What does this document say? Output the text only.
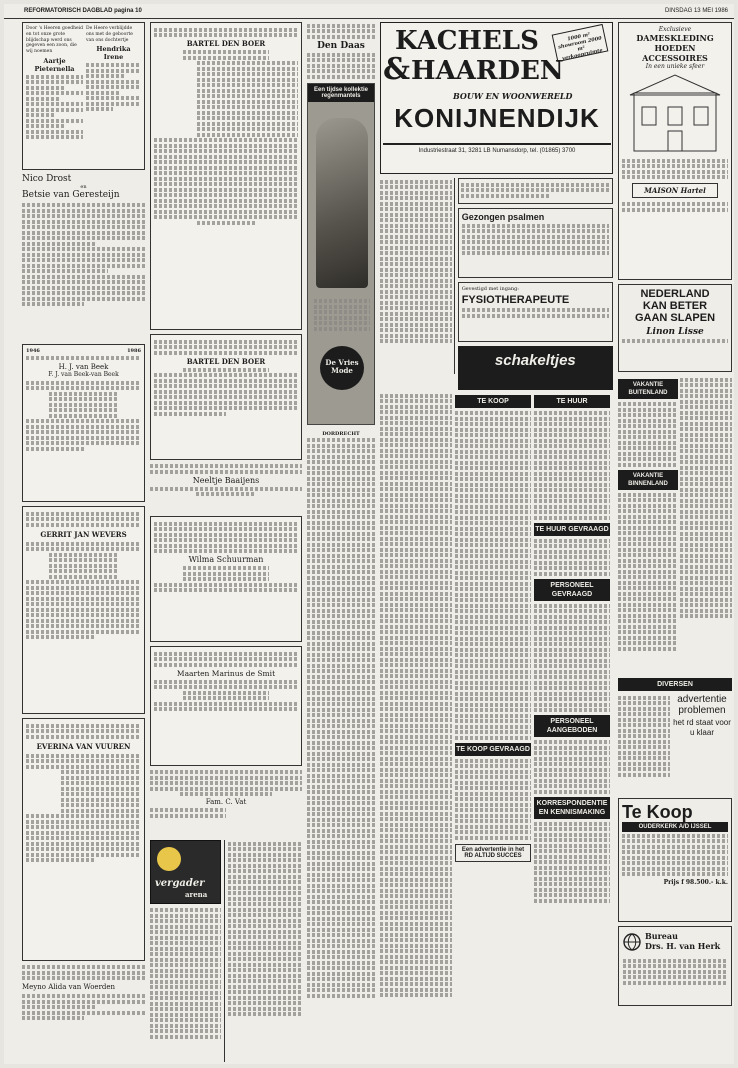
REFORMATORISCH DAGBLAD pagina 10	DINSDAG 13 MEI 1986
Door 's Heeren goedheid en tot onze grote blijdschap werd ons gegeven een zoon, die wij noemen
Aartje Pieternella
De Heere verblijdde ons met de geboorte van ons dochtertje
Hendrika Irene
Nico Drost
en
Betsie van Geresteijn
1946	1986
H. J. van Beek
F. J. van Beek-van Beek
GERRIT JAN WEVERS
EVERINA VAN VUUREN
Meyno Alida van Woerden
BARTEL DEN BOER
BARTEL DEN BOER
Neeltje Baaijens
Wilma Schuurman
Maarten Marinus de Smit
Fam. C. Vat
vergader
arena
Den Daas
Een tijdse kollektie regenmantels
De Vries Mode
DORDRECHT
KACHELS
& HAARDEN
1000 m² showroom 2000 m² verkoopruimte
BOUW EN WOONWERELD
KONIJNENDIJK
Industriestraat 31, 3281 LB Numansdorp, tel. (01865) 3700
Gezongen psalmen
Gevestigd met ingang:
FYSIOTHERAPEUTE
schakeltjes
TE KOOP
TE KOOP GEVRAAGD
Een advertentie in het RD ALTIJD SUCCES
TE HUUR
TE HUUR GEVRAAGD
PERSONEEL GEVRAAGD
PERSONEEL AANGEBODEN
KORRESPONDENTIE EN KENNISMAKING
Exclusieve
DAMESKLEDING
HOEDEN
ACCESSOIRES
In een unieke sfeer
MAISON Hartel
NEDERLAND
KAN BETER
GAAN SLAPEN
Linon Lisse
VAKANTIE BUITENLAND
VAKANTIE BINNENLAND
DIVERSEN
advertentie problemen
het rd staat voor u klaar
Te Koop
OUDERKERK A/D IJSSEL
Prijs f 98.500.- k.k.
Bureau
Drs. H. van Herk
